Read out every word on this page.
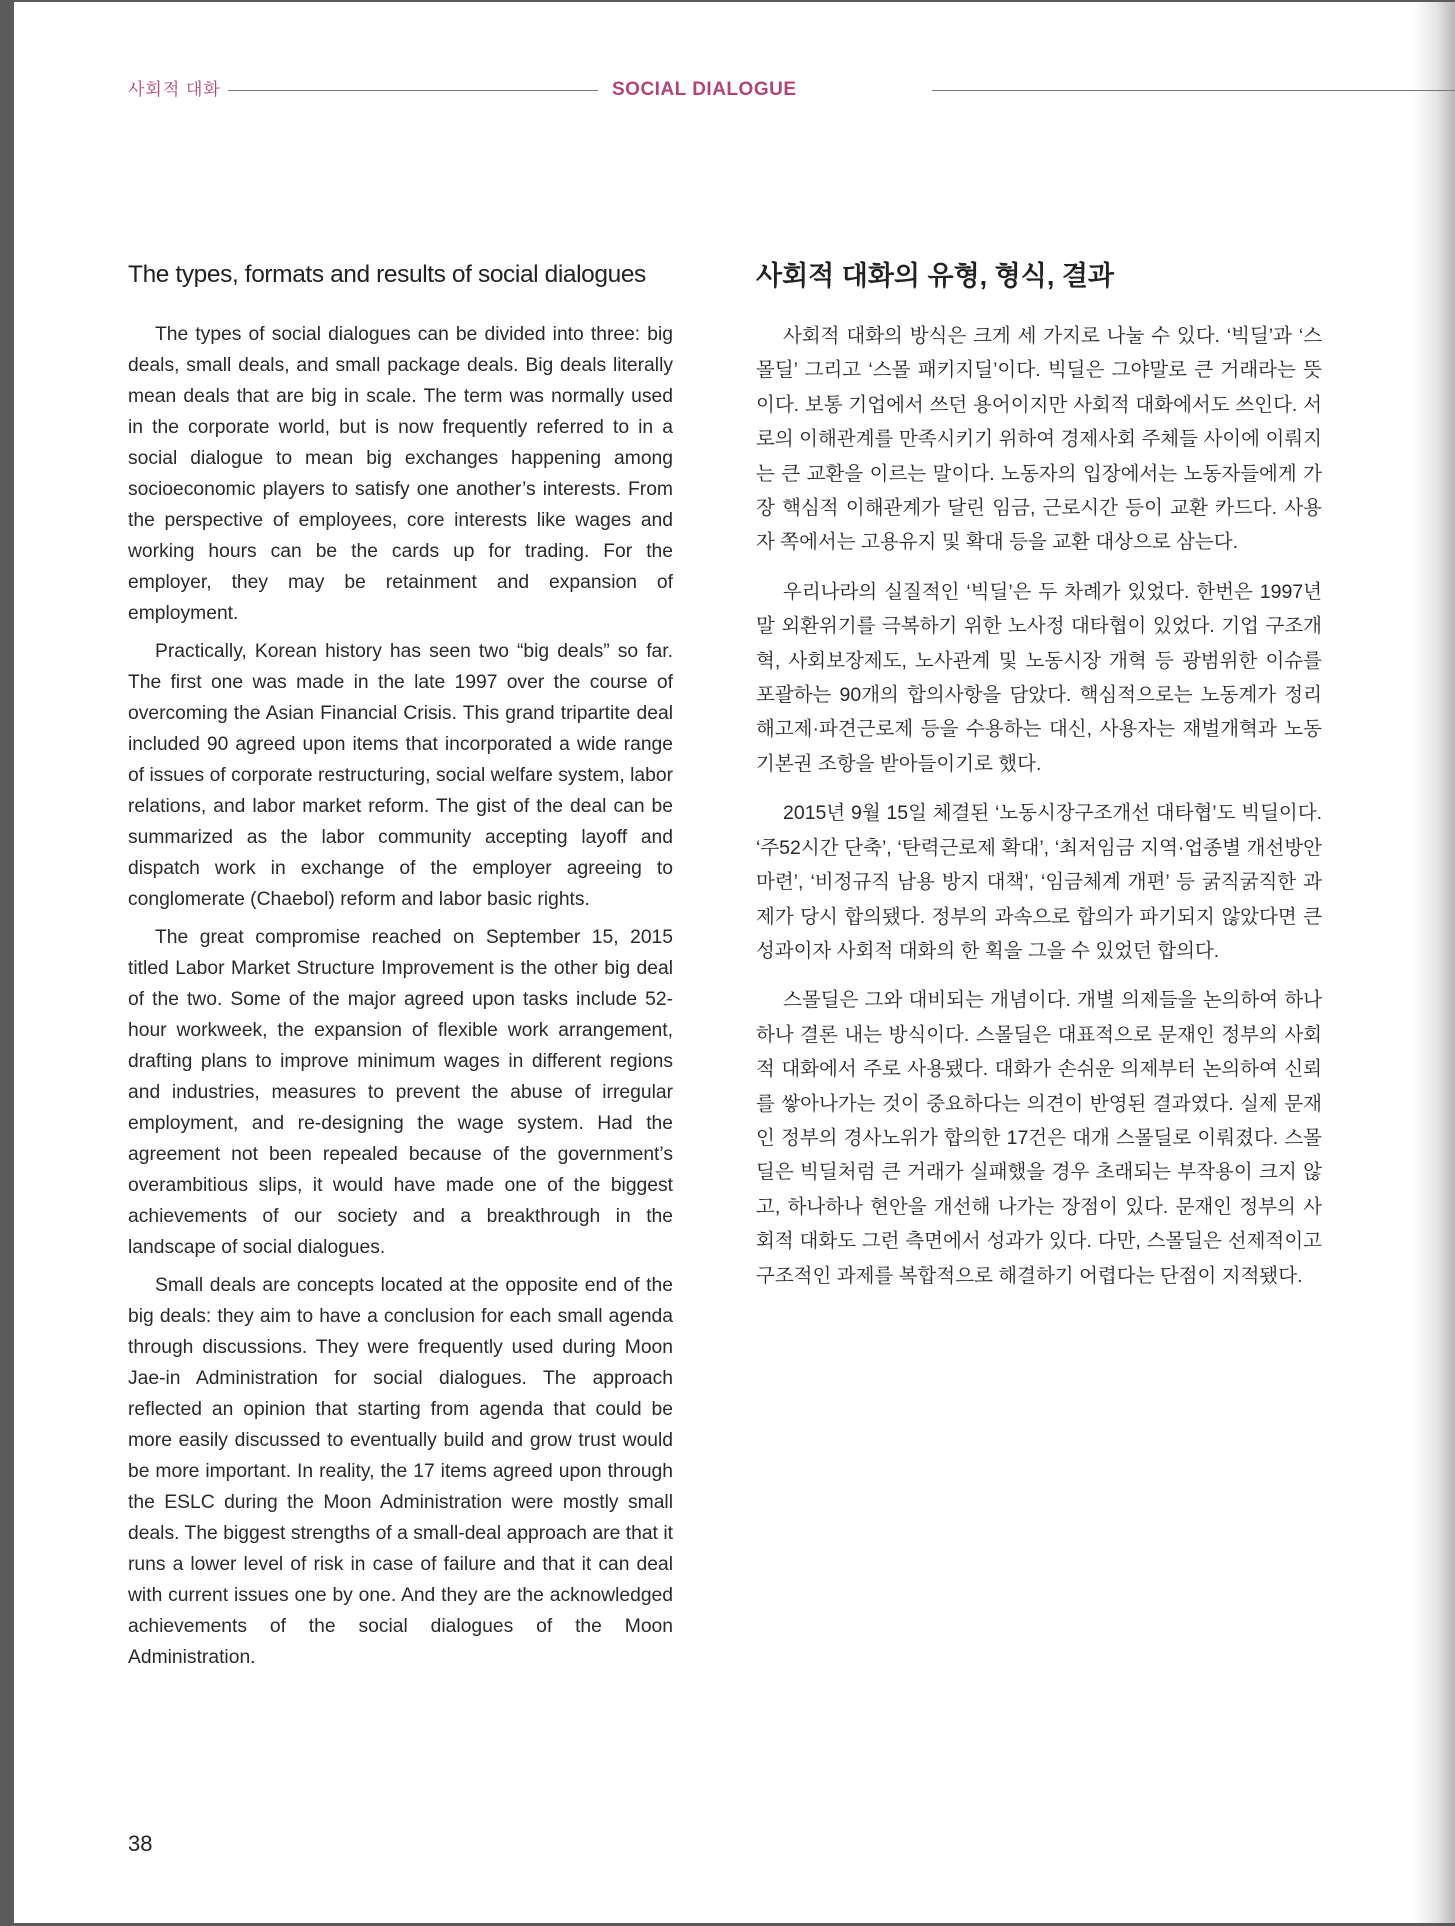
사회적 대화	SOCIAL DIALOGUE
The types, formats and results of social dialogues

The types of social dialogues can be divided into three: big deals, small deals, and small package deals. Big deals literally mean deals that are big in scale. The term was normally used in the corporate world, but is now frequently referred to in a social dialogue to mean big exchanges happening among socioeconomic players to satisfy one another’s interests. From the perspective of employees, core interests like wages and working hours can be the cards up for trading. For the employer, they may be retainment and expansion of employment.

Practically, Korean history has seen two “big deals” so far. The first one was made in the late 1997 over the course of overcoming the Asian Financial Crisis. This grand tripartite deal included 90 agreed upon items that incorporated a wide range of issues of corporate restructuring, social welfare system, labor relations, and labor market reform. The gist of the deal can be summarized as the labor community accepting layoff and dispatch work in exchange of the employer agreeing to conglomerate (Chaebol) reform and labor basic rights.

The great compromise reached on September 15, 2015 titled Labor Market Structure Improvement is the other big deal of the two. Some of the major agreed upon tasks include 52-hour workweek, the expansion of flexible work arrangement, drafting plans to improve minimum wages in different regions and industries, measures to prevent the abuse of irregular employment, and re-designing the wage system. Had the agreement not been repealed because of the government’s overambitious slips, it would have made one of the biggest achievements of our society and a breakthrough in the landscape of social dialogues.

Small deals are concepts located at the opposite end of the big deals: they aim to have a conclusion for each small agenda through discussions. They were frequently used during Moon Jae-in Administration for social dialogues. The approach reflected an opinion that starting from agenda that could be more easily discussed to eventually build and grow trust would be more important. In reality, the 17 items agreed upon through the ESLC during the Moon Administration were mostly small deals. The biggest strengths of a small-deal approach are that it runs a lower level of risk in case of failure and that it can deal with current issues one by one. And they are the acknowledged achievements of the social dialogues of the Moon Administration.

사회적 대화의 유형, 형식, 결과

사회적 대화의 방식은 크게 세 가지로 나눌 수 있다. ‘빅딜’과 ‘스몰딜’ 그리고 ‘스몰 패키지딜’이다. 빅딜은 그야말로 큰 거래라는 뜻이다. 보통 기업에서 쓰던 용어이지만 사회적 대화에서도 쓰인다. 서로의 이해관계를 만족시키기 위하여 경제사회 주체들 사이에 이뤄지는 큰 교환을 이르는 말이다. 노동자의 입장에서는 노동자들에게 가장 핵심적 이해관계가 달린 임금, 근로시간 등이 교환 카드다. 사용자 쪽에서는 고용유지 및 확대 등을 교환 대상으로 삼는다.

우리나라의 실질적인 ‘빅딜’은 두 차례가 있었다. 한번은 1997년 말 외환위기를 극복하기 위한 노사정 대타협이 있었다. 기업 구조개혁, 사회보장제도, 노사관계 및 노동시장 개혁 등 광범위한 이슈를 포괄하는 90개의 합의사항을 담았다. 핵심적으로는 노동계가 정리해고제·파견근로제 등을 수용하는 대신, 사용자는 재벌개혁과 노동기본권 조항을 받아들이기로 했다.

2015년 9월 15일 체결된 ‘노동시장구조개선 대타협’도 빅딜이다. ‘주52시간 단축’, ‘탄력근로제 확대’, ‘최저임금 지역·업종별 개선방안 마련’, ‘비정규직 남용 방지 대책’, ‘임금체계 개편’ 등 굵직굵직한 과제가 당시 합의됐다. 정부의 과속으로 합의가 파기되지 않았다면 큰 성과이자 사회적 대화의 한 획을 그을 수 있었던 합의다.

스몰딜은 그와 대비되는 개념이다. 개별 의제들을 논의하여 하나하나 결론 내는 방식이다. 스몰딜은 대표적으로 문재인 정부의 사회적 대화에서 주로 사용됐다. 대화가 손쉬운 의제부터 논의하여 신뢰를 쌓아나가는 것이 중요하다는 의견이 반영된 결과였다. 실제 문재인 정부의 경사노위가 합의한 17건은 대개 스몰딜로 이뤄졌다. 스몰딜은 빅딜처럼 큰 거래가 실패했을 경우 초래되는 부작용이 크지 않고, 하나하나 현안을 개선해 나가는 장점이 있다. 문재인 정부의 사회적 대화도 그런 측면에서 성과가 있다. 다만, 스몰딜은 선제적이고 구조적인 과제를 복합적으로 해결하기 어렵다는 단점이 지적됐다.

38
